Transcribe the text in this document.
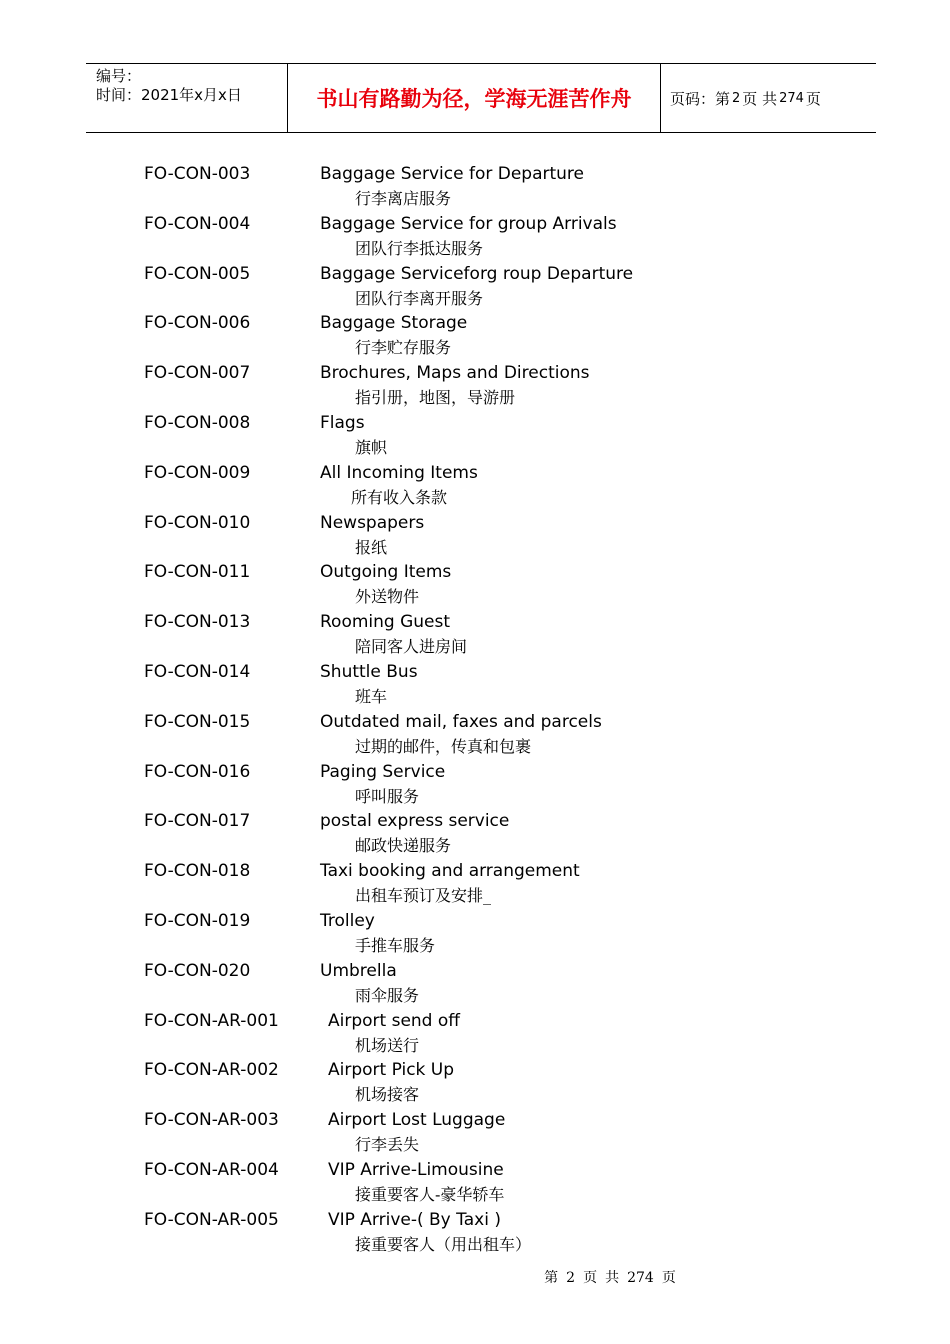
编号：
时间：2021年x月x日	书山有路勤为径，学海无涯苦作舟	页码：第 2 页 共 274 页
FO-CON-003	Baggage Service for Departure
行李离店服务
FO-CON-004	Baggage Service for group Arrivals
团队行李抵达服务
FO-CON-005	Baggage Serviceforg roup Departure
团队行李离开服务
FO-CON-006	Baggage Storage
行李贮存服务
FO-CON-007	Brochures, Maps and Directions
指引册，地图，导游册
FO-CON-008	Flags
旗帜
FO-CON-009	All Incoming Items
所有收入条款
FO-CON-010	Newspapers
报纸
FO-CON-011	Outgoing Items
外送物件
FO-CON-013	Rooming Guest
陪同客人进房间
FO-CON-014	Shuttle Bus
班车
FO-CON-015	Outdated mail, faxes and parcels
过期的邮件，传真和包裹
FO-CON-016	Paging Service
呼叫服务
FO-CON-017	postal express service
邮政快递服务
FO-CON-018	Taxi booking and arrangement
出租车预订及安排_
FO-CON-019	Trolley
手推车服务
FO-CON-020	Umbrella
雨伞服务
FO-CON-AR-001	Airport send off
机场送行
FO-CON-AR-002	Airport Pick Up
机场接客
FO-CON-AR-003	Airport Lost Luggage
行李丢失
FO-CON-AR-004	VIP Arrive-Limousine
接重要客人-豪华轿车
FO-CON-AR-005	VIP Arrive-( By Taxi )
接重要客人（用出租车）
第 2 页 共 274 页
